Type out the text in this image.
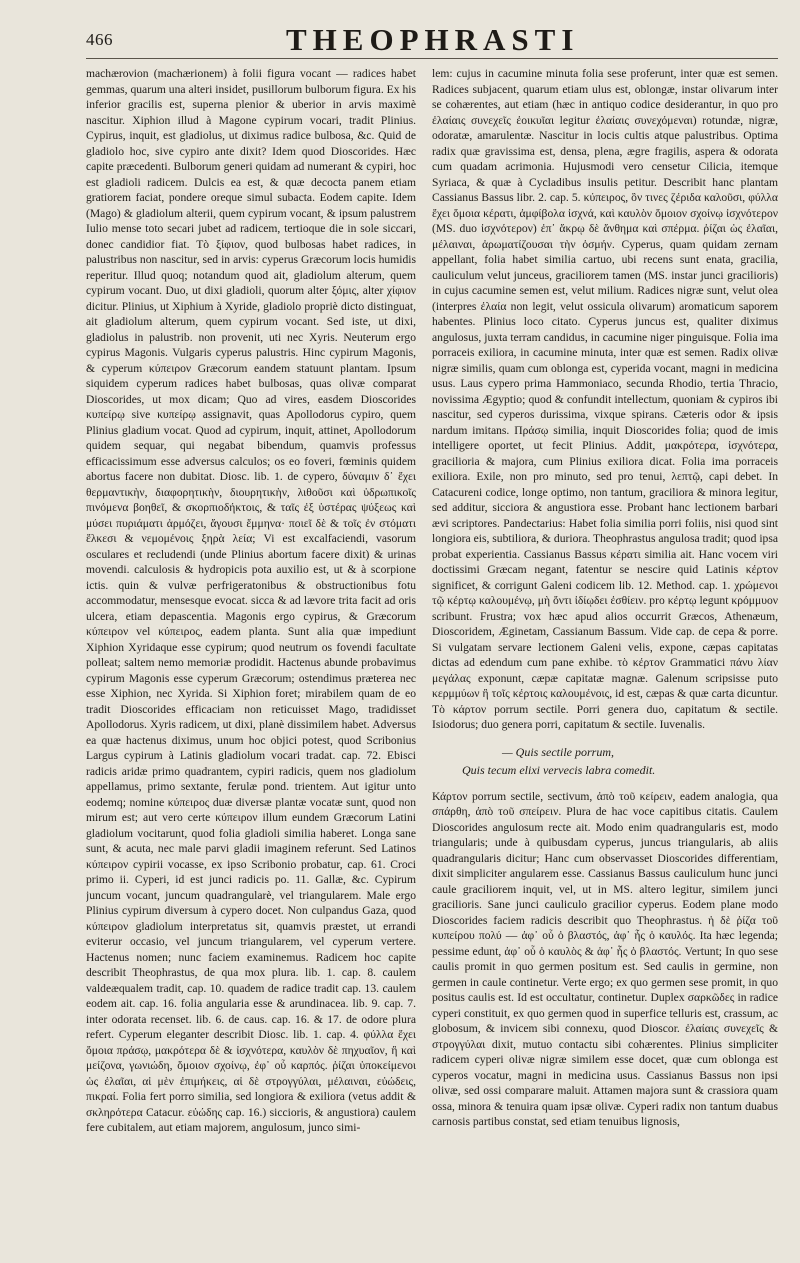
466	THEOPHRASTI

machærονion (machærionem) à folii figura vocant — radices habet gemmas, quarum una alteri insidet, pusillorum bulborum figura. Ex his inferior gracilis est, superna plenior & uberior in arvis maximè nascitur. Xiphion illud à Magone cypirum vocari, tradit Plinius. Cypirus, inquit, est gladiolus, ut diximus radice bulbosa, &c. Quid de gladiolo hoc, sive cypiro ante dixit? Idem quod Dioscorides. Hæc capite præcedenti. Bulborum generi quidam ad numerant & cypiri, hoc est gladioli radicem. Dulcis ea est, & quæ decocta panem etiam gratiorem faciat, pondere oreque simul subacta. Eodem capite. Idem (Mago) & gladiolum alterii, quem cypirum vocant, & ipsum palustrem Iulio mense toto secari jubet ad radicem, tertioque die in sole siccari, donec candidior fiat. Tò ξίφιον, quod bulbosas habet radices, in palustribus non nascitur, sed in arvis: cyperus Græcorum locis humidis reperitur. Illud quoq; notandum quod ait, gladiolum alterum, quem cypirum vocant. Duo, ut dixi gladioli, quorum alter ξόμις, alter χίφιον dicitur. Plinius, ut Xiphium à Xyride, gladiolo propriè dicto distinguat, ait gladiolum alterum, quem cypirum vocant. Sed iste, ut dixi, gladiolus in palustrib. non provenit, uti nec Xyris. Neuterum ergo cypirus Magonis. Vulgaris cyperus palustris. Hinc cypirum Magonis, & cyperum κύπειρον Græcorum eandem statuunt plantam. Ipsum siquidem cyperum radices habet bulbosas, quas olivæ comparat Dioscorides, ut mox dicam; Quo ad vires, easdem Dioscorides κυπείρῳ sive κυπείρῳ assignavit, quas Apollodorus cypiro, quem Plinius gladium vocat. Quod ad cypirum, inquit, attinet, Apollodorum quidem sequar, qui negabat bibendum, quamvis professus efficacissimum esse adversus calculos; os eo foveri, fœminis quidem abortus facere non dubitat. Diosc. lib. 1. de cypero, δύναμιν δ᾽ ἔχει θερμαντικὴν, διαφορητικὴν, διουρητικὴν, λιθοῦσι καὶ ὑδρωπικοῖς πινόμενα βοηθεῖ, & σκορπιοδήκτοις, & ταῖς ἐξ ὑστέρας ψύξεως καὶ μύσει πυριάματι ἁρμόζει, ἄγουσι ἔμμηνα· ποιεῖ δὲ & τοῖς ἐν στόματι ἕλκεσι & νεμομένοις ξηρὰ λεία; Vi est excalfaciendi, vasorum osculares et recludendi (unde Plinius abortum facere dixit) & urinas movendi. calculosis & hydropicis pota auxilio est, ut & à scorpione ictis. quin & vulvæ perfrigeratonibus & obstructionibus fotu accommodatur, mensesque evocat. sicca & ad lævore trita facit ad oris ulcera, etiam depascentia. Magonis ergo cypirus, & Græcorum κύπειρον vel κύπειρος, eadem planta. Sunt alia quæ impediunt Xiphion Xyridaque esse cypirum; quod neutrum os fovendi facultate polleat; saltem nemo memoriæ prodidit. Hactenus abunde probavimus cypirum Magonis esse cyperum Græcorum; ostendimus præterea nec esse Xiphion, nec Xyrida. Si Xiphion foret; mirabilem quam de eo tradit Dioscorides efficaciam non reticuisset Mago, tradidisset Apollodorus. Xyris radicem, ut dixi, planè dissimilem habet. Adversus ea quæ hactenus diximus, unum hoc objici potest, quod Scribonius Largus cypirum à Latinis gladiolum vocari tradat. cap. 72. Ebisci radicis aridæ primo quadrantem, cypiri radicis, quem nos gladiolum appellamus, primo sextante, ferulæ pond. trientem. Aut igitur unto eodemq; nomine κύπειρος duæ diversæ plantæ vocatæ sunt, quod non mirum est; aut vero certe κύπειρον illum eundem Græcorum Latini gladiolum vocitarunt, quod folia gladioli similia haberet. Longa sane sunt, & acuta, nec male parvi gladii imaginem referunt. Sed Latinos κύπειρον cypirii vocasse, ex ipso Scribonio probatur, cap. 61. Croci primo ii. Cyperi, id est junci radicis po. 11. Gallæ, &c. Cypirum juncum vocant, juncum quadrangularè, vel triangularem. Male ergo Plinius cypirum diversum à cypero docet. Non culpandus Gaza, quod κύπειρον gladiolum interpretatus sit, quamvis præstet, ut errandi eviterur occasio, vel juncum triangularem, vel cyperum vertere. Hactenus nomen; nunc faciem examinemus. Radicem hoc capite describit Theophrastus, de qua mox plura. lib. 1. cap. 8. caulem valdeæqualem tradit, cap. 10. quadem de radice tradit cap. 13. caulem eodem ait. cap. 16. folia angularia esse & arundinacea. lib. 9. cap. 7. inter odorata recenset. lib. 6. de caus. cap. 16. & 17. de odore plura refert. Cyperum eleganter describit Diosc. lib. 1. cap. 4. φύλλα ἔχει ὅμοια πράσῳ, μακρότερα δὲ & ἰσχνότερα, καυλὸν δὲ πηχυαῖον, ἢ καὶ μείζονα, γωνιώδη, ὅμοιον σχοίνῳ, ἐφ᾽ οὗ καρπός. ῥίζαι ὑποκείμενοι ὡς ἐλαῖαι, αἱ μὲν ἐπιμήκεις, αἱ δὲ στρογγύλαι, μέλαιναι, εὐώδεις, πικραί. Folia fert porro similia, sed longiora & exiliora (vetus addit & σκληρότερα Catacur. εὐώδης cap. 16.) siccioris, & angustiora) caulem fere cubitalem, aut etiam majorem, angulosum, junco simi-

lem: cujus in cacumine minuta folia sese proferunt, inter quæ est semen. Radices subjacent, quarum etiam ulus est, oblongæ, instar olivarum inter se cohærentes, aut etiam (hæc in antiquo codice desiderantur, in quo pro ἐλαίαις συνεχεῖς ἐοικυῖαι legitur ἐλαίαις συνεχόμεναι) rotundæ, nigræ, odoratæ, amarulentæ. Nascitur in locis cultis atque palustribus. Optima radix quæ gravissima est, densa, plena, ægre fragilis, aspera & odorata cum quadam acrimonia. Hujusmodi vero censetur Cilicia, itemque Syriaca, & quæ à Cycladibus insulis petitur. Describit hanc plantam Cassianus Bassus libr. 2. cap. 5. κύπειρος, ὃν τινες ζέριδα καλοῦσι, φύλλα ἔχει ὅμοια κέρατι, ἀμφίβολα ἰσχνά, καὶ καυλὸν ὅμοιον σχοίνῳ ἰσχνότερον (MS. duo ἰσχνότερον) ἐπ᾽ ἄκρῳ δὲ ἄνθημα καὶ σπέρμα. ῥίζαι ὡς ἐλαῖαι, μέλαιναι, ἀρωματίζουσαι τὴν ὀσμήν. Cyperus, quam quidam zernam appellant, folia habet similia cartuo, ubi recens sunt enata, gracilia, cauliculum velut junceus, graciliorem tamen (MS. instar junci gracilioris) in cujus cacumine semen est, velut milium. Radices nigræ sunt, velut olea (interpres ἐλαία non legit, velut ossicula olivarum) aromaticum saporem habentes. Plinius loco citato. Cyperus juncus est, qualiter diximus angulosus, juxta terram candidus, in cacumine niger pinguisque. Folia ima porraceis exiliora, in cacumine minuta, inter quæ est semen. Radix olivæ nigræ similis, quam cum oblonga est, cyperida vocant, magni in medicina usus. Laus cypero prima Hammoniaco, secunda Rhodio, tertia Thracio, novissima Ægyptio; quod & confundit intellectum, quoniam & cypiros ibi nascitur, sed cyperos durissima, vixque spirans. Cæteris odor & ipsis nardum imitans. Πράσῳ similia, inquit Dioscorides folia; quod de imis intelligere oportet, ut fecit Plinius. Addit, μακρότερα, ἰσχνότερα, gracilioria & majora, cum Plinius exiliora dicat. Folia ima porraceis exiliora. Exile, non pro minuto, sed pro tenui, λεπτῷ, capi debet. In Catacureni codice, longe optimo, non tantum, graciliora & minora legitur, sed additur, sicciora & angustiora esse. Probant hanc lectionem barbari ævi scriptores. Pandectarius: Habet folia similia porri foliis, nisi quod sint longiora eis, subtiliora, & duriora. Theophrastus angulosa tradit; quod ipsa probat experientia. Cassianus Bassus κέρατι similia ait. Hanc vocem viri doctissimi Græcam negant, fatentur se nescire quid Latinis κέρτον significet, & corrigunt Galeni codicem lib. 12. Method. cap. 1. χρώμενοι τῷ κέρτῳ καλουμένῳ, μὴ ὄντι ἰδίῳδει ἐσθίειν. pro κέρτῳ legunt κρόμμυον scribunt. Frustra; vox hæc apud alios occurrit Græcos, Athenæum, Dioscoridem, Æginetam, Cassianum Bassum. Vide cap. de cepa & porre. Si vulgatam servare lectionem Galeni velis, expone, cæpas capitatas dictas ad edendum cum pane exhibe. τὸ κέρτον Grammatici πάνυ λίαν μεγάλας exponunt, cæpæ capitatæ magnæ. Galenum scripsisse puto κερμμύων ἢ τοῖς κέρτοις καλουμένοις, id est, cæpas & quæ carta dicuntur. Τὸ κάρτον porrum sectile. Porri genera duo, capitatum & sectile. Isiodorus; duo genera porri, capitatum & sectile. Iuvenalis.

— Quis sectile porrum,
Quis tecum elixi vervecis labra comedit.

Κάρτον porrum sectile, sectivum, ἀπὸ τοῦ κείρειν, eadem analogia, qua σπάρθη, ἀπὸ τοῦ σπείρειν. Plura de hac voce capitibus citatis. Caulem Dioscorides angulosum recte ait. Modo enim quadrangularis est, modo triangularis; unde à quibusdam cyperus, juncus triangularis, ab aliis quadrangularis dicitur; Hanc cum observasset Dioscorides differentiam, dixit simpliciter angularem esse. Cassianus Bassus cauliculum hunc junci caule graciliorem inquit, vel, ut in MS. altero legitur, similem junci gracilioris. Sane junci cauliculo gracilior cyperus. Eodem plane modo Dioscorides faciem radicis describit quo Theophrastus. ἡ δὲ ῥίζα τοῦ κυπείρου πολύ — ἀφ᾽ οὗ ὁ βλαστός, ἀφ᾽ ἧς ὁ καυλός. Ita hæc legenda; pessime edunt, ἀφ᾽ οὗ ὁ καυλὸς & ἀφ᾽ ἧς ὁ βλαστός. Vertunt; In quo sese caulis promit in quo germen positum est. Sed caulis in germine, non germen in caule continetur. Verte ergo; ex quo germen sese promit, in quo positus caulis est. Id est occultatur, continetur. Duplex σαρκῶδες in radice cyperi constituit, ex quo germen quod in superfice telluris est, crassum, ac globosum, & invicem sibi connexu, quod Dioscor. ἐλαίαις συνεχεῖς & στρογγύλαι dixit, mutuo contactu sibi cohærentes. Plinius simpliciter radicem cyperi olivæ nigræ similem esse docet, quæ cum oblonga est cyperos vocatur, magni in medicina usus. Cassianus Bassus non ipsi olivæ, sed ossi comparare maluit. Attamen majora sunt & crassiora quam ossa, minora & tenuira quam ipsæ olivæ. Cyperi radix non tantum duabus carnosis partibus constat, sed etiam tenuibus lignosis,
